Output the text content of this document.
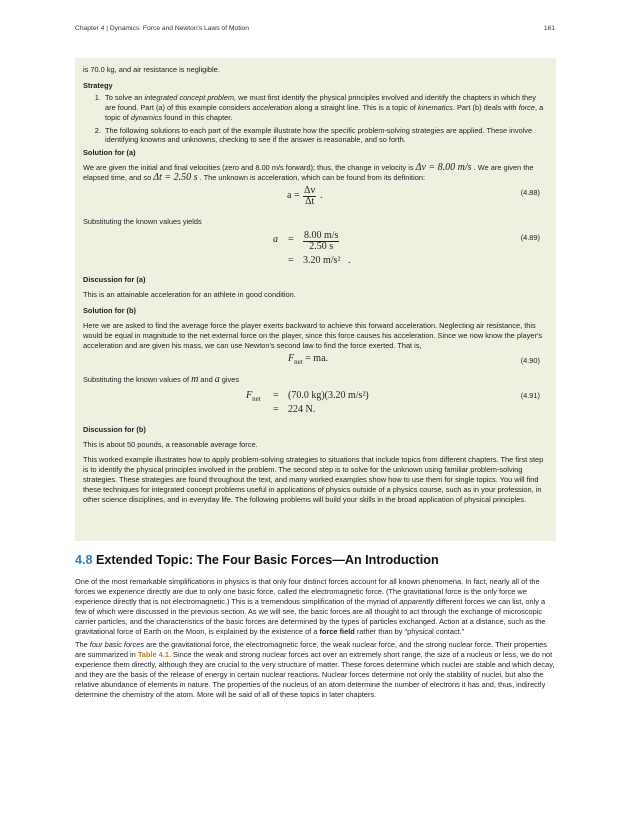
Chapter 4 | Dynamics: Force and Newton's Laws of Motion	161

is 70.0 kg, and air resistance is negligible.

Strategy

1. To solve an integrated concept problem, we must first identify the physical principles involved and identify the chapters in which they are found. Part (a) of this example considers acceleration along a straight line. This is a topic of kinematics. Part (b) deals with force, a topic of dynamics found in this chapter.
2. The following solutions to each part of the example illustrate how the specific problem-solving strategies are applied. These involve identifying knowns and unknowns, checking to see if the answer is reasonable, and so forth.

Solution for (a)

We are given the initial and final velocities (zero and 8.00 m/s forward); thus, the change in velocity is Δv = 8.00 m/s . We are given the elapsed time, and so Δt = 2.50 s . The unknown is acceleration, which can be found from its definition:

$a = \frac{\Delta v}{\Delta t}$ .	(4.88)

Substituting the known values yields

$a = \frac{8.00 m/s}{2.50 s}$
= 3.20 m/s² .
(4.89)

Discussion for (a)

This is an attainable acceleration for an athlete in good condition.

Solution for (b)

Here we are asked to find the average force the player exerts backward to achieve this forward acceleration. Neglecting air resistance, this would be equal in magnitude to the net external force on the player, since this force causes his acceleration. Since we now know the player's acceleration and are given his mass, we can use Newton's second law to find the force exerted. That is,

$F_{net}$ = ma.	(4.90)

Substituting the known values of m and a gives

$F_{net} = (70.0$ kg)(3.20 m/s²)
= 224 N.
(4.91)

Discussion for (b)

This is about 50 pounds, a reasonable average force.

This worked example illustrates how to apply problem-solving strategies to situations that include topics from different chapters. The first step is to identify the physical principles involved in the problem. The second step is to solve for the unknown using familiar problem-solving strategies. These strategies are found throughout the text, and many worked examples show how to use them for single topics. You will find these techniques for integrated concept problems useful in applications of physics outside of a physics course, such as in your profession, in other science disciplines, and in everyday life. The following problems will build your skills in the broad application of physical principles.

4.8 Extended Topic: The Four Basic Forces—An Introduction

One of the most remarkable simplifications in physics is that only four distinct forces account for all known phenomena. In fact, nearly all of the forces we experience directly are due to only one basic force, called the electromagnetic force. (The gravitational force is the only force we experience directly that is not electromagnetic.) This is a tremendous simplification of the myriad of apparently different forces we can list, only a few of which were discussed in the previous section. As we will see, the basic forces are all thought to act through the exchange of microscopic carrier particles, and the characteristics of the basic forces are determined by the types of particles exchanged. Action at a distance, such as the gravitational force of Earth on the Moon, is explained by the existence of a force field rather than by "physical contact."

The four basic forces are the gravitational force, the electromagnetic force, the weak nuclear force, and the strong nuclear force. Their properties are summarized in Table 4.1. Since the weak and strong nuclear forces act over an extremely short range, the size of a nucleus or less, we do not experience them directly, although they are crucial to the very structure of matter. These forces determine which nuclei are stable and which decay, and they are the basis of the release of energy in certain nuclear reactions. Nuclear forces determine not only the stability of nuclei, but also the relative abundance of elements in nature. The properties of the nucleus of an atom determine the number of electrons it has and, thus, indirectly determine the chemistry of the atom. More will be said of all of these topics in later chapters.
